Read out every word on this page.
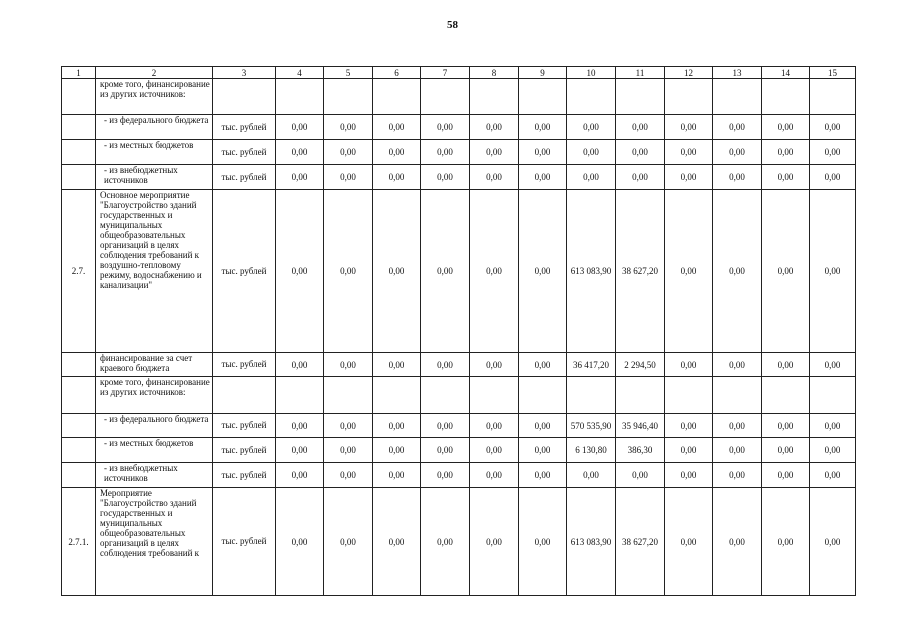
58
1	2	3	4	5	6	7	8	9	10	11	12	13	14	15
	кроме того, финансирование из других источников:													
	- из федерального бюджета	тыс. рублей	0,00	0,00	0,00	0,00	0,00	0,00	0,00	0,00	0,00	0,00	0,00	0,00
	- из местных бюджетов	тыс. рублей	0,00	0,00	0,00	0,00	0,00	0,00	0,00	0,00	0,00	0,00	0,00	0,00
	- из внебюджетных источников	тыс. рублей	0,00	0,00	0,00	0,00	0,00	0,00	0,00	0,00	0,00	0,00	0,00	0,00
2.7.	Основное мероприятие "Благоустройство зданий государственных и муниципальных общеобразовательных организаций в целях соблюдения требований к воздушно-тепловому режиму, водоснабжению и канализации"	тыс. рублей	0,00	0,00	0,00	0,00	0,00	0,00	613 083,90	38 627,20	0,00	0,00	0,00	0,00
	финансирование за счет краевого бюджета	тыс. рублей	0,00	0,00	0,00	0,00	0,00	0,00	36 417,20	2 294,50	0,00	0,00	0,00	0,00
	кроме того, финансирование из других источников:													
	- из федерального бюджета	тыс. рублей	0,00	0,00	0,00	0,00	0,00	0,00	570 535,90	35 946,40	0,00	0,00	0,00	0,00
	- из местных бюджетов	тыс. рублей	0,00	0,00	0,00	0,00	0,00	0,00	6 130,80	386,30	0,00	0,00	0,00	0,00
	- из внебюджетных источников	тыс. рублей	0,00	0,00	0,00	0,00	0,00	0,00	0,00	0,00	0,00	0,00	0,00	0,00
2.7.1.	Мероприятие "Благоустройство зданий государственных и муниципальных общеобразовательных организаций в целях соблюдения требований к	тыс. рублей	0,00	0,00	0,00	0,00	0,00	0,00	613 083,90	38 627,20	0,00	0,00	0,00	0,00
